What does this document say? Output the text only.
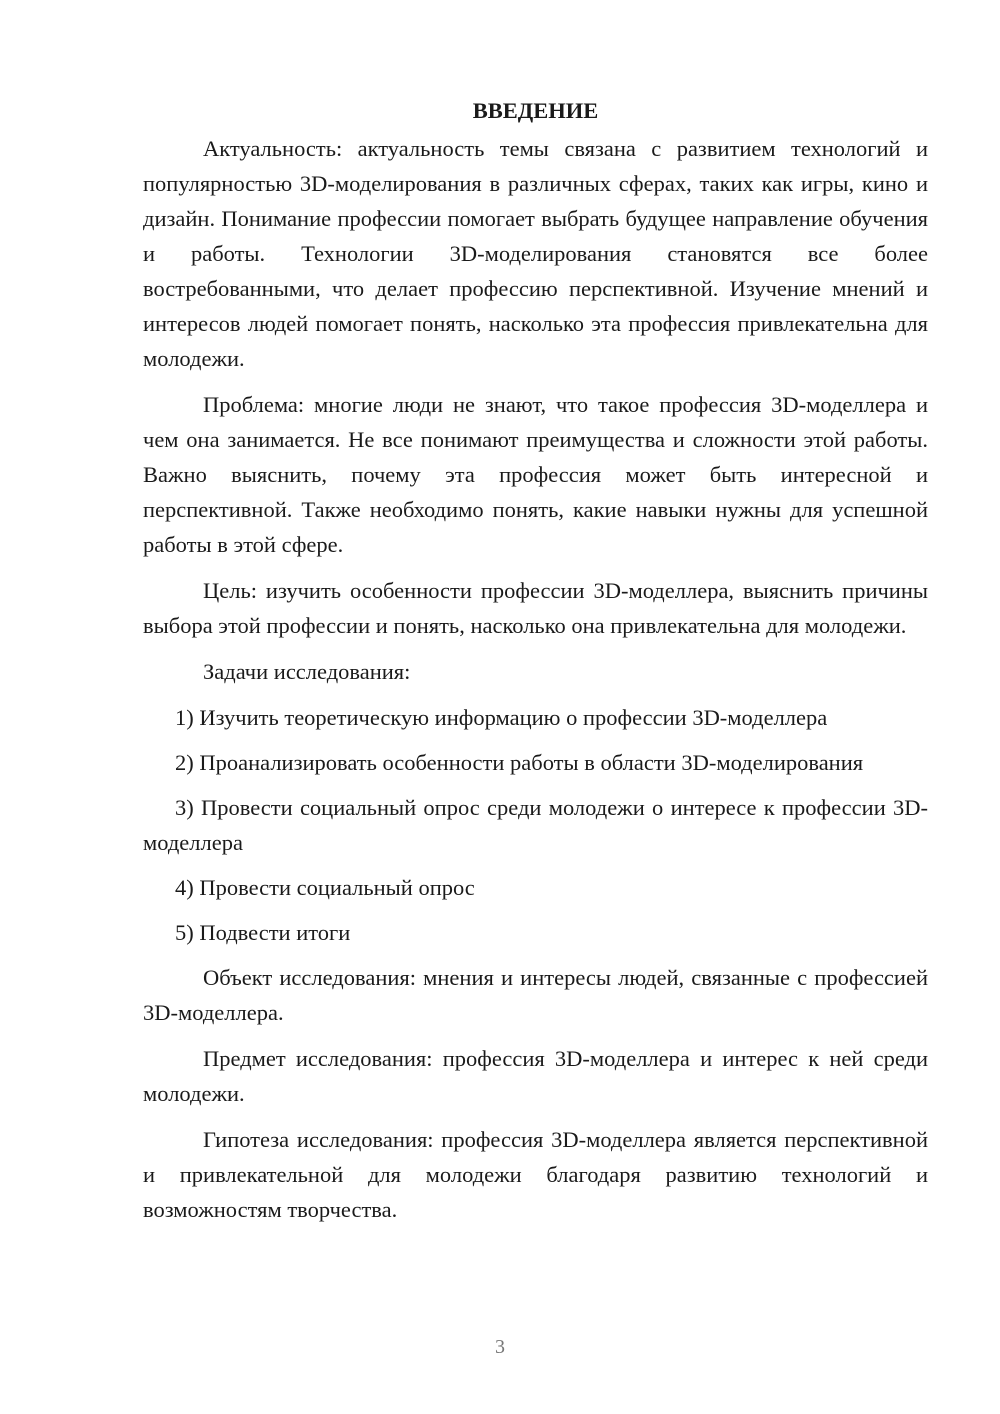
ВВЕДЕНИЕ

Актуальность: актуальность темы связана с развитием технологий и популярностью 3D-моделирования в различных сферах, таких как игры, кино и дизайн. Понимание профессии помогает выбрать будущее направление обучения и работы. Технологии 3D-моделирования становятся все более востребованными, что делает профессию перспективной. Изучение мнений и интересов людей помогает понять, насколько эта профессия привлекательна для молодежи.

Проблема: многие люди не знают, что такое профессия 3D-моделлера и чем она занимается. Не все понимают преимущества и сложности этой работы. Важно выяснить, почему эта профессия может быть интересной и перспективной. Также необходимо понять, какие навыки нужны для успешной работы в этой сфере.

Цель: изучить особенности профессии 3D-моделлера, выяснить причины выбора этой профессии и понять, насколько она привлекательна для молодежи.

Задачи исследования:

1) Изучить теоретическую информацию о профессии 3D-моделлера

2) Проанализировать особенности работы в области 3D-моделирования

3) Провести социальный опрос среди молодежи о интересе к профессии 3D-моделлера

4) Провести социальный опрос

5) Подвести итоги

Объект исследования: мнения и интересы людей, связанные с профессией 3D-моделлера.

Предмет исследования: профессия 3D-моделлера и интерес к ней среди молодежи.

Гипотеза исследования: профессия 3D-моделлера является перспективной и привлекательной для молодежи благодаря развитию технологий и возможностям творчества.

3
